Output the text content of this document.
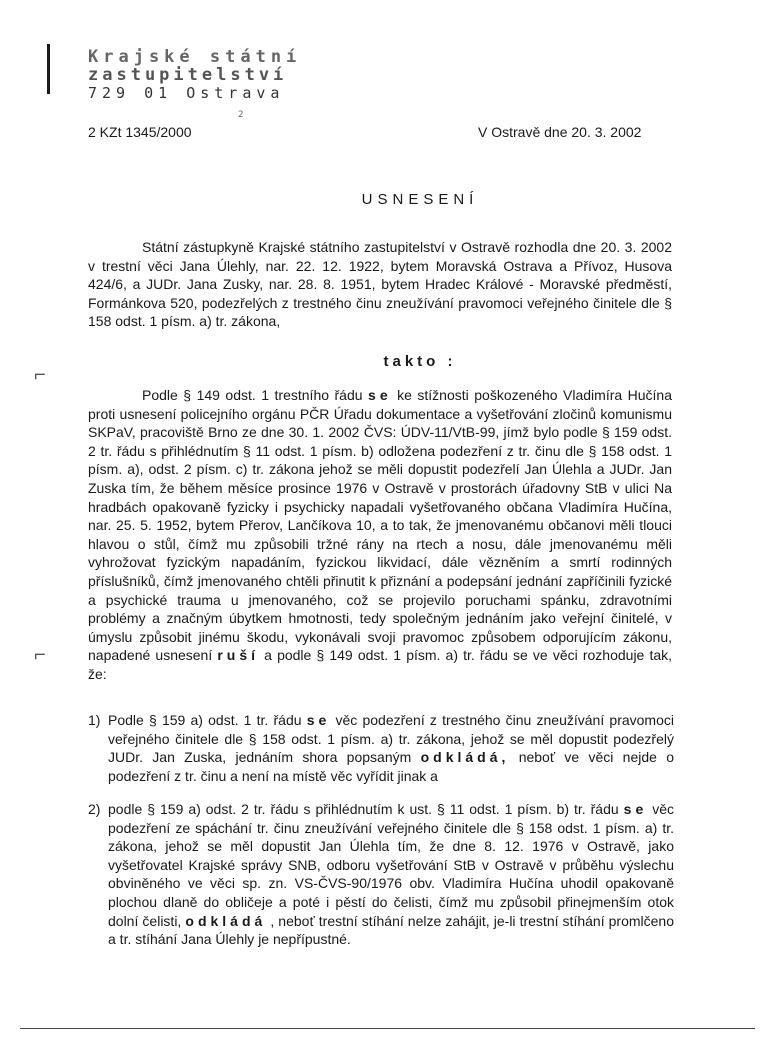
Krajské státní
zastupitelství
729 01 Ostrava
2
2 KZt 1345/2000	V Ostravě dne 20. 3. 2002
USNESENÍ
Státní zástupkyně Krajské státního zastupitelství v Ostravě rozhodla dne 20. 3. 2002 v trestní věci Jana Úlehly, nar. 22. 12. 1922, bytem Moravská Ostrava a Přívoz, Husova 424/6, a JUDr. Jana Zusky, nar. 28. 8. 1951, bytem Hradec Králové - Moravské předměstí, Formánkova 520, podezřelých z trestného činu zneužívání pravomoci veřejného činitele dle § 158 odst. 1 písm. a) tr. zákona,
takto :
⌐
Podle § 149 odst. 1 trestního řádu se ke stížnosti poškozeného Vladimíra Hučína proti usnesení policejního orgánu PČR Úřadu dokumentace a vyšetřování zločinů komunismu SKPaV, pracoviště Brno ze dne 30. 1. 2002 ČVS: ÚDV-11/VtB-99, jímž bylo podle § 159 odst. 2 tr. řádu s přihlédnutím § 11 odst. 1 písm. b) odložena podezření z tr. činu dle § 158 odst. 1 písm. a), odst. 2 písm. c) tr. zákona jehož se měli dopustit podezřelí Jan Úlehla a JUDr. Jan Zuska tím, že během měsíce prosince 1976 v Ostravě v prostorách úřadovny StB v ulici Na hradbách opakovaně fyzicky i psychicky napadali vyšetřovaného občana Vladimíra Hučína, nar. 25. 5. 1952, bytem Přerov, Lančíkova 10, a to tak, že jmenovanému občanovi měli tlouci hlavou o stůl, čímž mu způsobili tržné rány na rtech a nosu, dále jmenovanému měli vyhrožovat fyzickým napadáním, fyzickou likvidací, dále vězněním a smrtí rodinných příslušníků, čímž jmenovaného chtěli přinutit k přiznání a podepsání jednání zapříčinili fyzické a psychické trauma u jmenovaného, což se projevilo poruchami spánku, zdravotními problémy a značným úbytkem hmotnosti, tedy společným jednáním jako veřejní činitelé, v úmyslu způsobit jinému škodu, vykonávali svoji pravomoc způsobem odporujícím zákonu, napadené usnesení ruší a podle § 149 odst. 1 písm. a) tr. řádu se ve věci rozhoduje tak, že:
⌐
1) Podle § 159 a) odst. 1 tr. řádu se věc podezření z trestného činu zneužívání pravomoci veřejného činitele dle § 158 odst. 1 písm. a) tr. zákona, jehož se měl dopustit podezřelý JUDr. Jan Zuska, jednáním shora popsaným odkládá, neboť ve věci nejde o podezření z tr. činu a není na místě věc vyřídit jinak a
2) podle § 159 a) odst. 2 tr. řádu s přihlédnutím k ust. § 11 odst. 1 písm. b) tr. řádu se věc podezření ze spáchání tr. činu zneužívání veřejného činitele dle § 158 odst. 1 písm. a) tr. zákona, jehož se měl dopustit Jan Úlehla tím, že dne 8. 12. 1976 v Ostravě, jako vyšetřovatel Krajské správy SNB, odboru vyšetřování StB v Ostravě v průběhu výslechu obviněného ve věci sp. zn. VS-ČVS-90/1976 obv. Vladimíra Hučína uhodil opakovaně plochou dlaně do obličeje a poté i pěstí do čelisti, čímž mu způsobil přinejmenším otok dolní čelisti, odkládá , neboť trestní stíhání nelze zahájit, je-li trestní stíhání promlčeno a tr. stíhání Jana Úlehly je nepřípustné.
